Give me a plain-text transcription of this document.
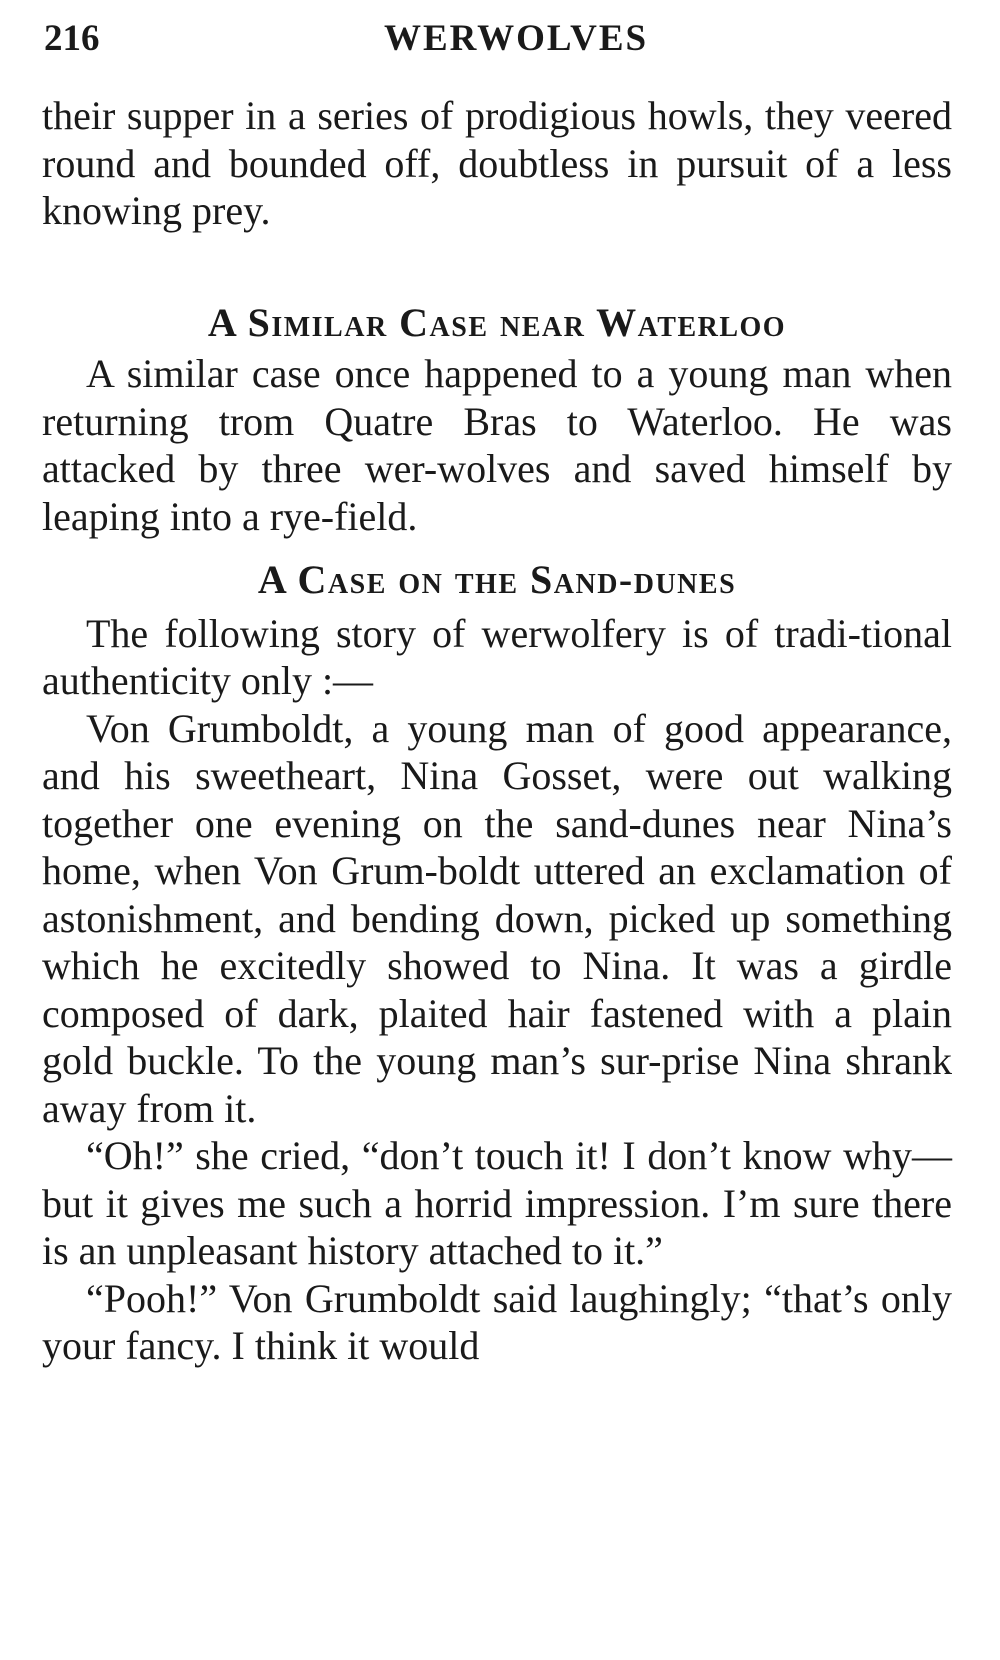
216	WERWOLVES

their supper in a series of prodigious howls, they veered round and bounded off, doubtless in pursuit of a less knowing prey.

A Similar Case near Waterloo

A similar case once happened to a young man when returning trom Quatre Bras to Waterloo. He was attacked by three wer-wolves and saved himself by leaping into a rye-field.

A Case on the Sand-dunes

The following story of werwolfery is of tradi-tional authenticity only :—

Von Grumboldt, a young man of good appearance, and his sweetheart, Nina Gosset, were out walking together one evening on the sand-dunes near Nina’s home, when Von Grum-boldt uttered an exclamation of astonishment, and bending down, picked up something which he excitedly showed to Nina. It was a girdle composed of dark, plaited hair fastened with a plain gold buckle. To the young man’s sur-prise Nina shrank away from it.

“Oh!” she cried, “don’t touch it! I don’t know why—but it gives me such a horrid impression. I’m sure there is an unpleasant history attached to it.”

“Pooh!” Von Grumboldt said laughingly; “that’s only your fancy. I think it would
